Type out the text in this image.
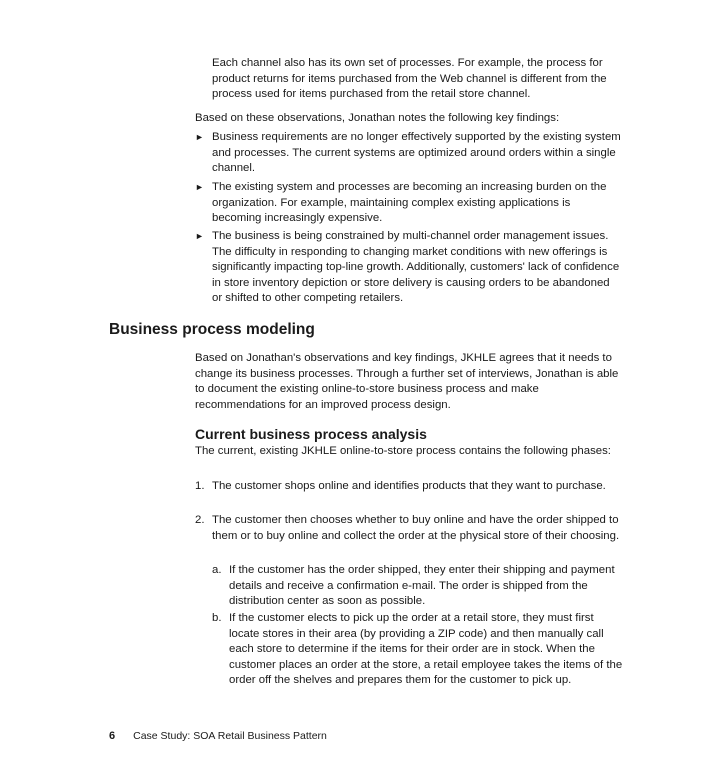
Each channel also has its own set of processes. For example, the process for product returns for items purchased from the Web channel is different from the process used for items purchased from the retail store channel.

Based on these observations, Jonathan notes the following key findings:

► Business requirements are no longer effectively supported by the existing system and processes. The current systems are optimized around orders within a single channel.

► The existing system and processes are becoming an increasing burden on the organization. For example, maintaining complex existing applications is becoming increasingly expensive.

► The business is being constrained by multi-channel order management issues. The difficulty in responding to changing market conditions with new offerings is significantly impacting top-line growth. Additionally, customers' lack of confidence in store inventory depiction or store delivery is causing orders to be abandoned or shifted to other competing retailers.

Business process modeling

Based on Jonathan's observations and key findings, JKHLE agrees that it needs to change its business processes. Through a further set of interviews, Jonathan is able to document the existing online-to-store business process and make recommendations for an improved process design.

Current business process analysis

The current, existing JKHLE online-to-store process contains the following phases:

1. The customer shops online and identifies products that they want to purchase.

2. The customer then chooses whether to buy online and have the order shipped to them or to buy online and collect the order at the physical store of their choosing.

a. If the customer has the order shipped, they enter their shipping and payment details and receive a confirmation e-mail. The order is shipped from the distribution center as soon as possible.

b. If the customer elects to pick up the order at a retail store, they must first locate stores in their area (by providing a ZIP code) and then manually call each store to determine if the items for their order are in stock. When the customer places an order at the store, a retail employee takes the items of the order off the shelves and prepares them for the customer to pick up.

6 Case Study: SOA Retail Business Pattern
